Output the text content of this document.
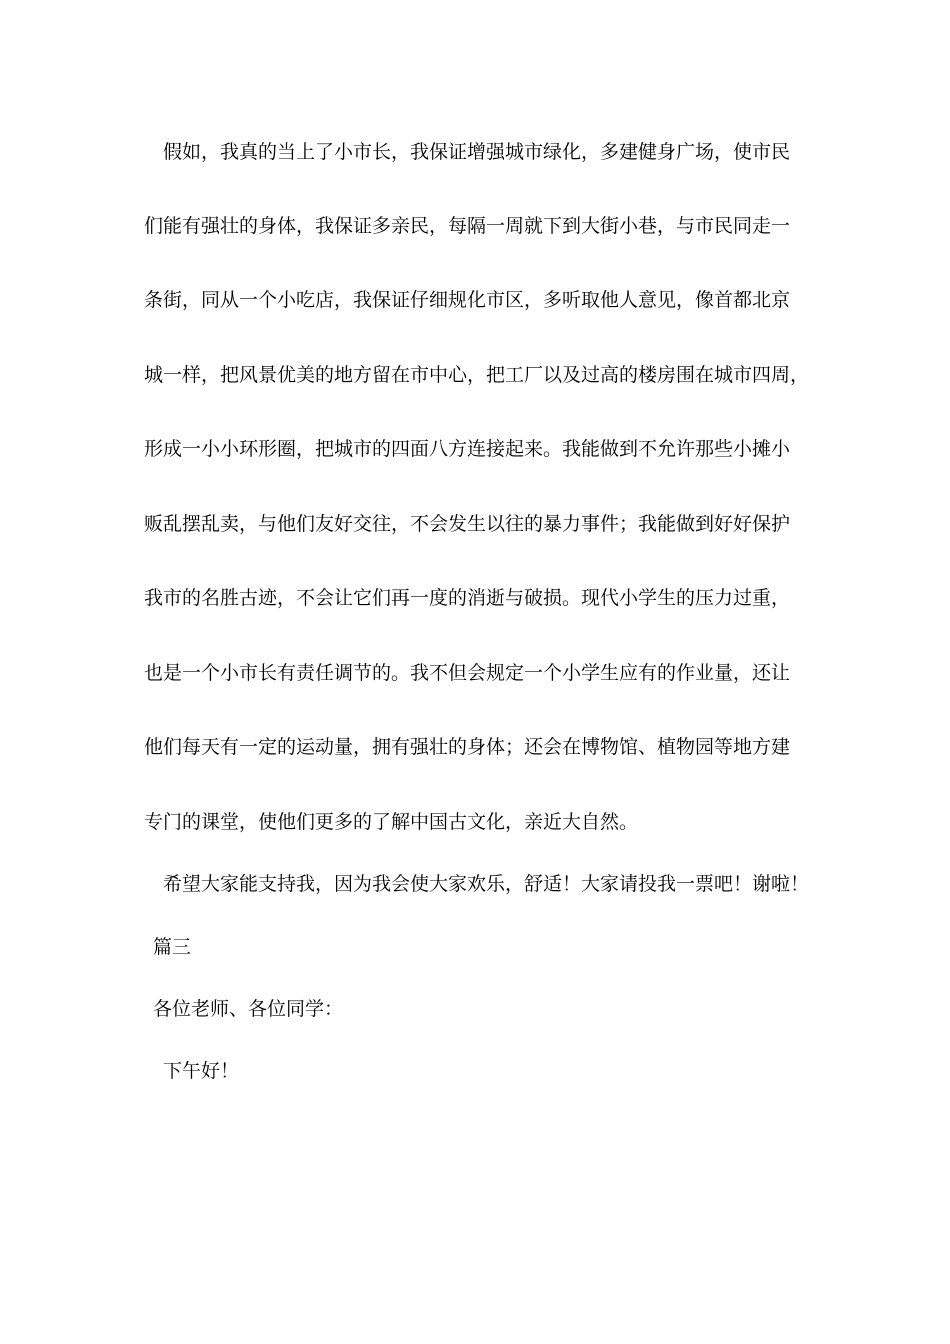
假如，我真的当上了小市长，我保证增强城市绿化，多建健身广场，使市民
们能有强壮的身体，我保证多亲民，每隔一周就下到大街小巷，与市民同走一
条街，同从一个小吃店，我保证仔细规化市区，多听取他人意见，像首都北京
城一样，把风景优美的地方留在市中心，把工厂以及过高的楼房围在城市四周，
形成一小小环形圈，把城市的四面八方连接起来。我能做到不允许那些小摊小
贩乱摆乱卖，与他们友好交往，不会发生以往的暴力事件；我能做到好好保护
我市的名胜古迹，不会让它们再一度的消逝与破损。现代小学生的压力过重，
也是一个小市长有责任调节的。我不但会规定一个小学生应有的作业量，还让
他们每天有一定的运动量，拥有强壮的身体；还会在博物馆、植物园等地方建
专门的课堂，使他们更多的了解中国古文化，亲近大自然。
希望大家能支持我，因为我会使大家欢乐，舒适！大家请投我一票吧！谢啦！
篇三
各位老师、各位同学：
下午好！
